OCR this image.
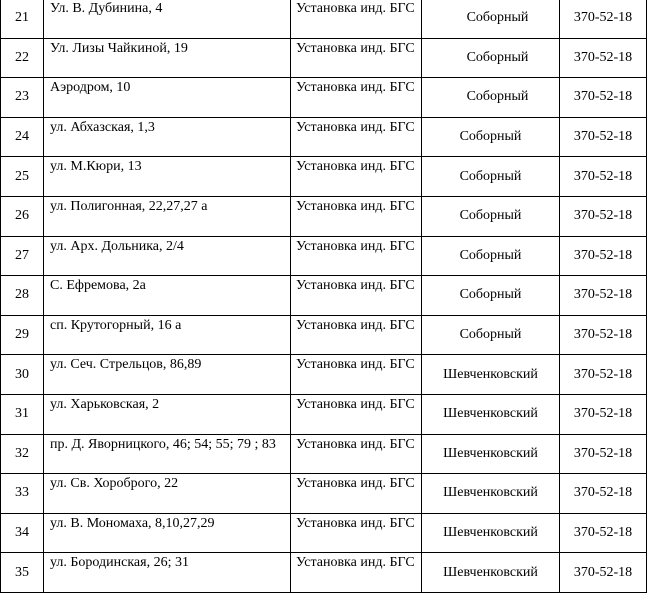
21	Ул. В. Дубинина, 4	Установка инд. БГС	Соборный	370-52-18
22	Ул. Лизы Чайкиной, 19	Установка инд. БГС	Соборный	370-52-18
23	Аэродром, 10	Установка инд. БГС	Соборный	370-52-18
24	ул. Абхазская, 1,3	Установка инд. БГС	Соборный	370-52-18
25	ул. М.Кюри, 13	Установка инд. БГС	Соборный	370-52-18
26	ул. Полигонная, 22,27,27 а	Установка инд. БГС	Соборный	370-52-18
27	ул. Арх. Дольника, 2/4	Установка инд. БГС	Соборный	370-52-18
28	С. Ефремова, 2а	Установка инд. БГС	Соборный	370-52-18
29	сп. Крутогорный, 16 а	Установка инд. БГС	Соборный	370-52-18
30	ул. Сеч. Стрельцов, 86,89	Установка инд. БГС	Шевченковский	370-52-18
31	ул. Харьковская, 2	Установка инд. БГС	Шевченковский	370-52-18
32	пр. Д. Яворницкого, 46; 54; 55; 79 ; 83	Установка инд. БГС	Шевченковский	370-52-18
33	ул. Св. Хороброго, 22	Установка инд. БГС	Шевченковский	370-52-18
34	ул. В. Мономаха, 8,10,27,29	Установка инд. БГС	Шевченковский	370-52-18
35	ул. Бородинская, 26; 31	Установка инд. БГС	Шевченковский	370-52-18
